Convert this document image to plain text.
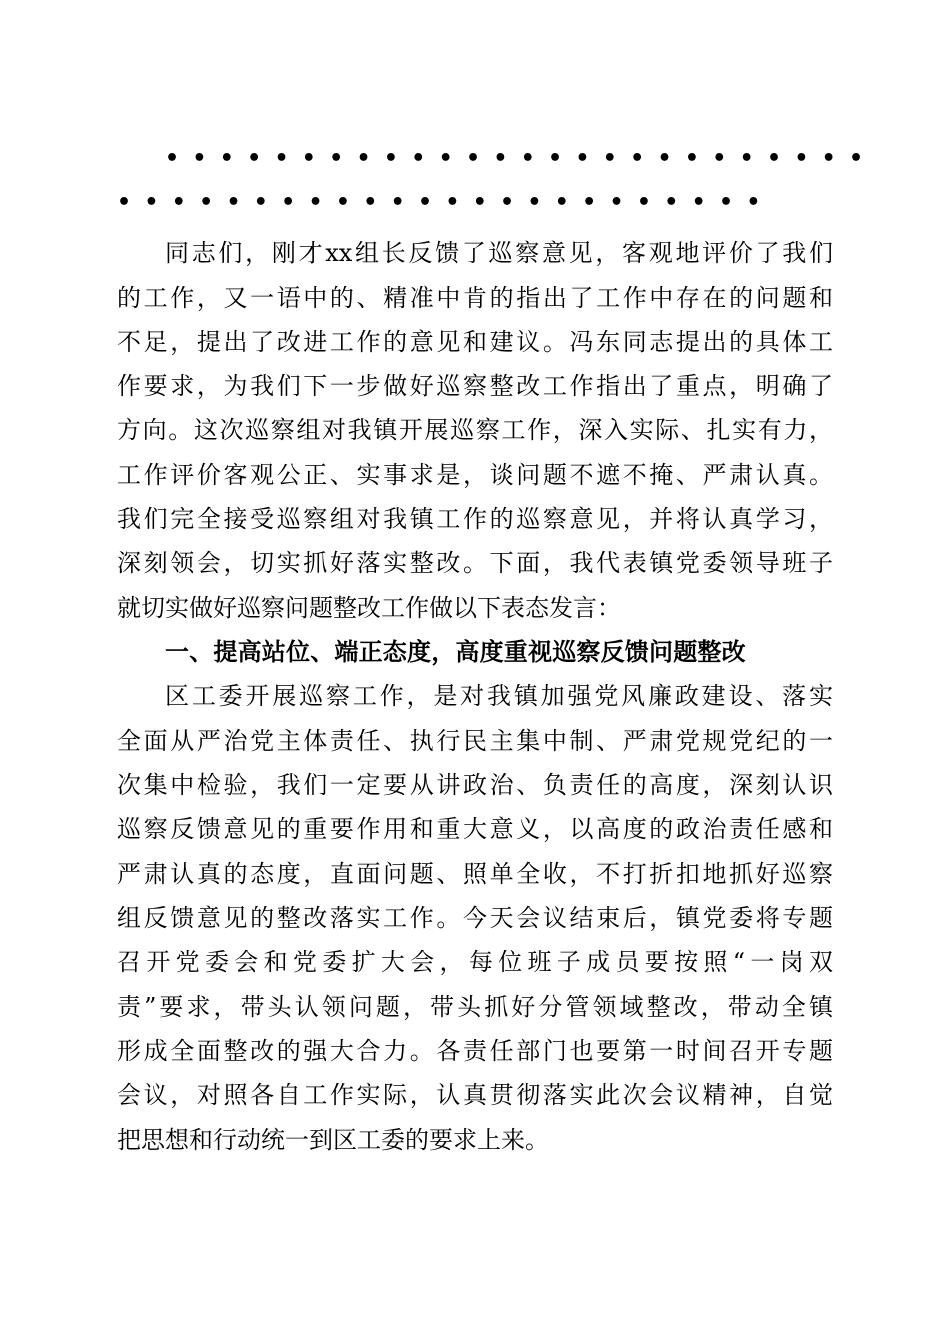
••••••••••••••••••••••••••
••••••••••••••••••••••••
同志们，刚才xx组长反馈了巡察意见，客观地评价了我们
的工作，又一语中的、精准中肯的指出了工作中存在的问题和
不足，提出了改进工作的意见和建议。冯东同志提出的具体工
作要求，为我们下一步做好巡察整改工作指出了重点，明确了
方向。这次巡察组对我镇开展巡察工作，深入实际、扎实有力，
工作评价客观公正、实事求是，谈问题不遮不掩、严肃认真。
我们完全接受巡察组对我镇工作的巡察意见，并将认真学习，
深刻领会，切实抓好落实整改。下面，我代表镇党委领导班子
就切实做好巡察问题整改工作做以下表态发言：
一、提高站位、端正态度，高度重视巡察反馈问题整改
区工委开展巡察工作，是对我镇加强党风廉政建设、落实
全面从严治党主体责任、执行民主集中制、严肃党规党纪的一
次集中检验，我们一定要从讲政治、负责任的高度，深刻认识
巡察反馈意见的重要作用和重大意义，以高度的政治责任感和
严肃认真的态度，直面问题、照单全收，不打折扣地抓好巡察
组反馈意见的整改落实工作。今天会议结束后，镇党委将专题
召开党委会和党委扩大会，每位班子成员要按照“一岗双
责”要求，带头认领问题，带头抓好分管领域整改，带动全镇
形成全面整改的强大合力。各责任部门也要第一时间召开专题
会议，对照各自工作实际，认真贯彻落实此次会议精神，自觉
把思想和行动统一到区工委的要求上来。
